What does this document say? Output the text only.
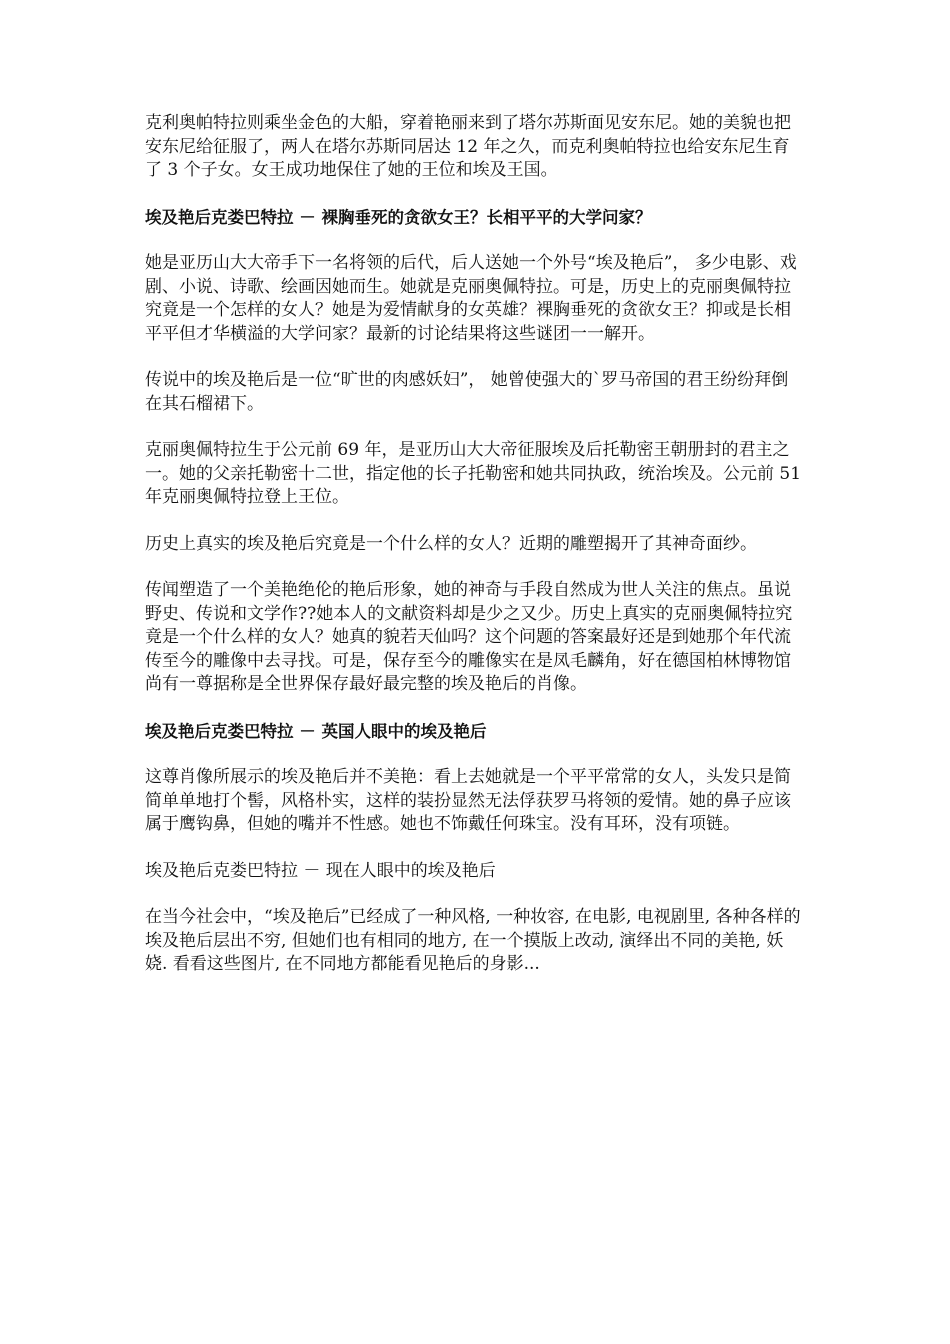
克利奥帕特拉则乘坐金色的大船，穿着艳丽来到了塔尔苏斯面见安东尼。她的美貌也把安东尼给征服了，两人在塔尔苏斯同居达 12 年之久，而克利奥帕特拉也给安东尼生育了 3 个子女。女王成功地保住了她的王位和埃及王国。

埃及艳后克娄巴特拉 － 裸胸垂死的贪欲女王？长相平平的大学问家？

她是亚历山大大帝手下一名将领的后代，后人送她一个外号“埃及艳后”， 多少电影、戏剧、小说、诗歌、绘画因她而生。她就是克丽奥佩特拉。可是，历史上的克丽奥佩特拉究竟是一个怎样的女人？她是为爱情献身的女英雄？裸胸垂死的贪欲女王？抑或是长相平平但才华横溢的大学问家？最新的讨论结果将这些谜团一一解开。

传说中的埃及艳后是一位“旷世的肉感妖妇”， 她曾使强大的`罗马帝国的君王纷纷拜倒在其石榴裙下。

克丽奥佩特拉生于公元前 69 年，是亚历山大大帝征服埃及后托勒密王朝册封的君主之一。她的父亲托勒密十二世，指定他的长子托勒密和她共同执政，统治埃及。公元前 51 年克丽奥佩特拉登上王位。

历史上真实的埃及艳后究竟是一个什么样的女人？近期的雕塑揭开了其神奇面纱。

传闻塑造了一个美艳绝伦的艳后形象，她的神奇与手段自然成为世人关注的焦点。虽说野史、传说和文学作??她本人的文献资料却是少之又少。历史上真实的克丽奥佩特拉究竟是一个什么样的女人？她真的貌若天仙吗？这个问题的答案最好还是到她那个年代流传至今的雕像中去寻找。可是，保存至今的雕像实在是凤毛麟角，好在德国柏林博物馆尚有一尊据称是全世界保存最好最完整的埃及艳后的肖像。

埃及艳后克娄巴特拉 － 英国人眼中的埃及艳后

这尊肖像所展示的埃及艳后并不美艳：看上去她就是一个平平常常的女人，头发只是简简单单地打个髻，风格朴实，这样的装扮显然无法俘获罗马将领的爱情。她的鼻子应该属于鹰钩鼻，但她的嘴并不性感。她也不饰戴任何珠宝。没有耳环，没有项链。

埃及艳后克娄巴特拉 － 现在人眼中的埃及艳后

在当今社会中，“埃及艳后”已经成了一种风格, 一种妆容, 在电影, 电视剧里, 各种各样的埃及艳后层出不穷, 但她们也有相同的地方, 在一个摸版上改动, 演绎出不同的美艳, 妖娆. 看看这些图片, 在不同地方都能看见艳后的身影...
